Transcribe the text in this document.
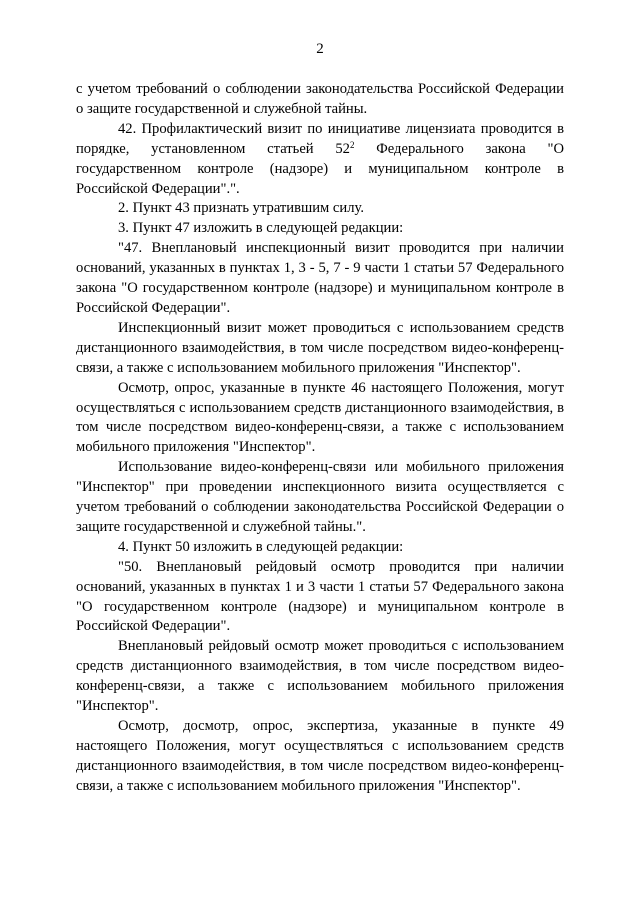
2

с учетом требований о соблюдении законодательства Российской Федерации о защите государственной и служебной тайны.

42. Профилактический визит по инициативе лицензиата проводится в порядке, установленном статьей $52^2$ Федерального закона "О государственном контроле (надзоре) и муниципальном контроле в Российской Федерации".".

2. Пункт 43 признать утратившим силу.

3. Пункт 47 изложить в следующей редакции:

"47. Внеплановый инспекционный визит проводится при наличии оснований, указанных в пунктах 1, 3 - 5, 7 - 9 части 1 статьи 57 Федерального закона "О государственном контроле (надзоре) и муниципальном контроле в Российской Федерации".

Инспекционный визит может проводиться с использованием средств дистанционного взаимодействия, в том числе посредством видео-конференц-связи, а также с использованием мобильного приложения "Инспектор".

Осмотр, опрос, указанные в пункте 46 настоящего Положения, могут осуществляться с использованием средств дистанционного взаимодействия, в том числе посредством видео-конференц-связи, а также с использованием мобильного приложения "Инспектор".

Использование видео-конференц-связи или мобильного приложения "Инспектор" при проведении инспекционного визита осуществляется с учетом требований о соблюдении законодательства Российской Федерации о защите государственной и служебной тайны.".

4. Пункт 50 изложить в следующей редакции:

"50. Внеплановый рейдовый осмотр проводится при наличии оснований, указанных в пунктах 1 и 3 части 1 статьи 57 Федерального закона "О государственном контроле (надзоре) и муниципальном контроле в Российской Федерации".

Внеплановый рейдовый осмотр может проводиться с использованием средств дистанционного взаимодействия, в том числе посредством видео-конференц-связи, а также с использованием мобильного приложения "Инспектор".

Осмотр, досмотр, опрос, экспертиза, указанные в пункте 49 настоящего Положения, могут осуществляться с использованием средств дистанционного взаимодействия, в том числе посредством видео-конференц-связи, а также с использованием мобильного приложения "Инспектор".
